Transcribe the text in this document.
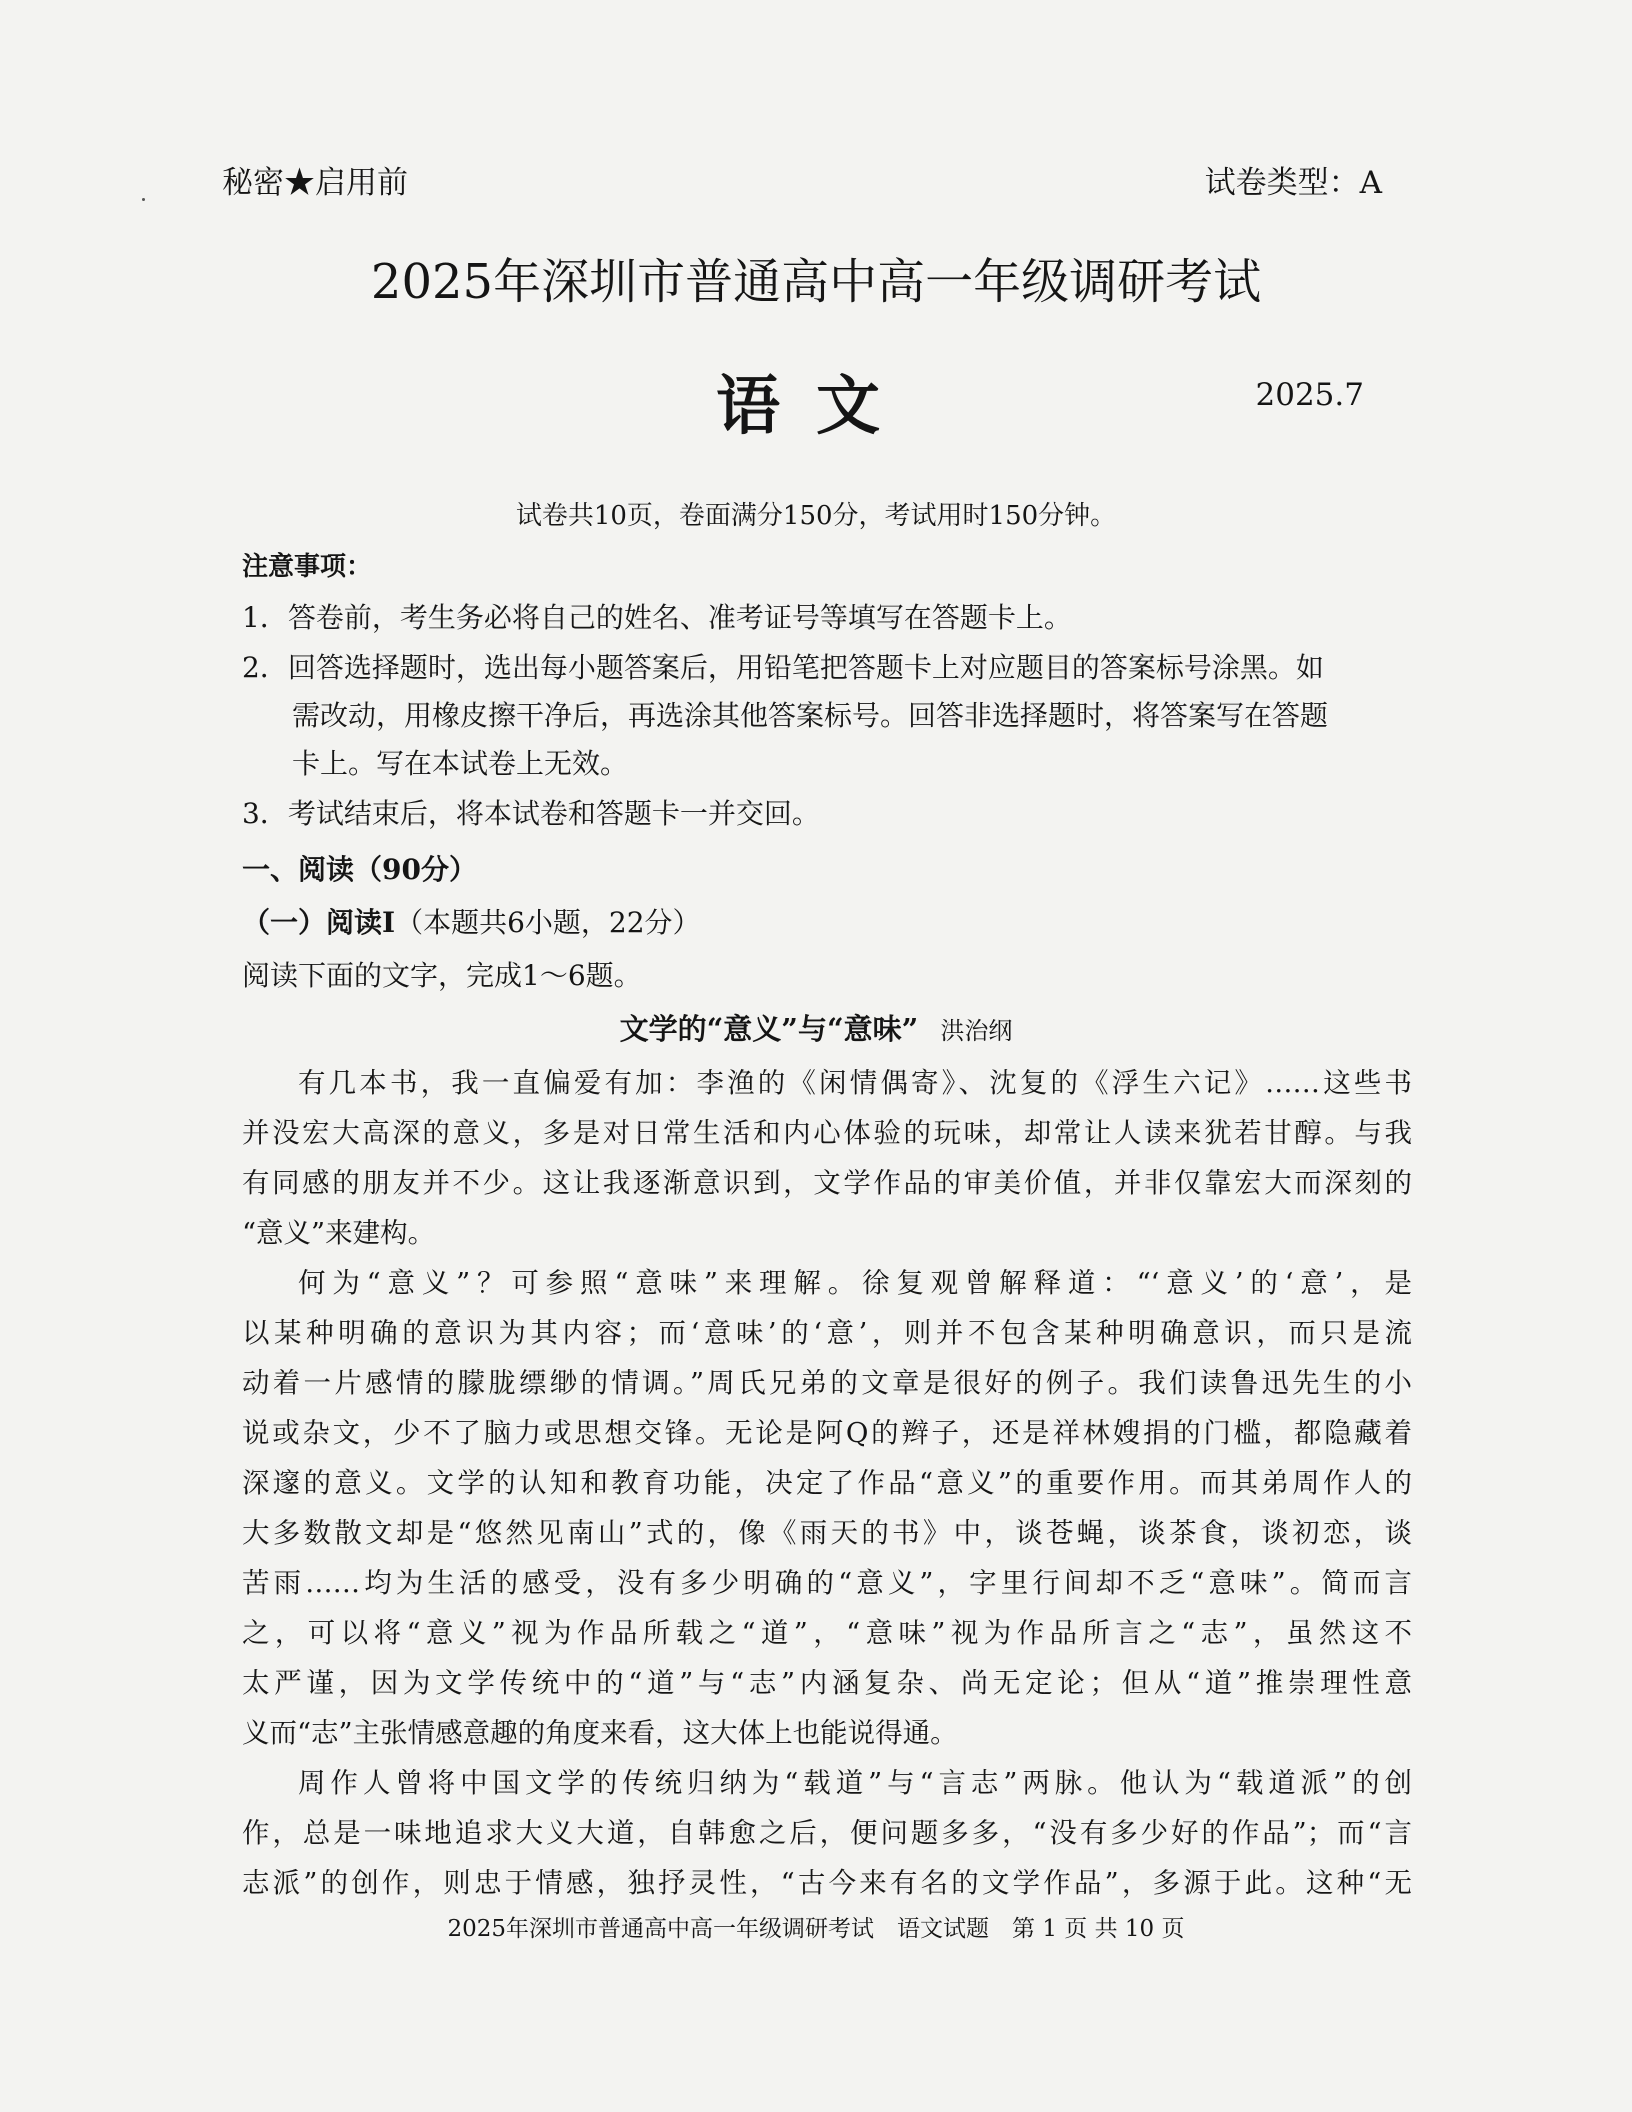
秘密★启用前	试卷类型：A
2025年深圳市普通高中高一年级调研考试
语文	2025.7
试卷共10页，卷面满分150分，考试用时150分钟。
注意事项：
1．答卷前，考生务必将自己的姓名、准考证号等填写在答题卡上。
2．回答选择题时，选出每小题答案后，用铅笔把答题卡上对应题目的答案标号涂黑。如
需改动，用橡皮擦干净后，再选涂其他答案标号。回答非选择题时，将答案写在答题
卡上。写在本试卷上无效。
3．考试结束后，将本试卷和答题卡一并交回。
一、阅读（90分）
（一）阅读Ⅰ（本题共6小题，22分）
阅读下面的文字，完成1～6题。
文学的“意义”与“意味” 洪治纲
有几本书，我一直偏爱有加：李渔的《闲情偶寄》、沈复的《浮生六记》……这些书
并没宏大高深的意义，多是对日常生活和内心体验的玩味，却常让人读来犹若甘醇。与我
有同感的朋友并不少。这让我逐渐意识到，文学作品的审美价值，并非仅靠宏大而深刻的
“意义”来建构。
何为“意义”？可参照“意味”来理解。徐复观曾解释道：“‘意义’的‘意’，是
以某种明确的意识为其内容；而‘意味’的‘意’，则并不包含某种明确意识，而只是流
动着一片感情的朦胧缥缈的情调。”周氏兄弟的文章是很好的例子。我们读鲁迅先生的小
说或杂文，少不了脑力或思想交锋。无论是阿Q的辫子，还是祥林嫂捐的门槛，都隐藏着
深邃的意义。文学的认知和教育功能，决定了作品“意义”的重要作用。而其弟周作人的
大多数散文却是“悠然见南山”式的，像《雨天的书》中，谈苍蝇，谈茶食，谈初恋，谈
苦雨……均为生活的感受，没有多少明确的“意义”，字里行间却不乏“意味”。简而言
之，可以将“意义”视为作品所载之“道”，“意味”视为作品所言之“志”，虽然这不
太严谨，因为文学传统中的“道”与“志”内涵复杂、尚无定论；但从“道”推崇理性意
义而“志”主张情感意趣的角度来看，这大体上也能说得通。
周作人曾将中国文学的传统归纳为“载道”与“言志”两脉。他认为“载道派”的创
作，总是一味地追求大义大道，自韩愈之后，便问题多多，“没有多少好的作品”；而“言
志派”的创作，则忠于情感，独抒灵性，“古今来有名的文学作品”，多源于此。这种“无
2025年深圳市普通高中高一年级调研考试　语文试题　第 1 页 共 10 页
